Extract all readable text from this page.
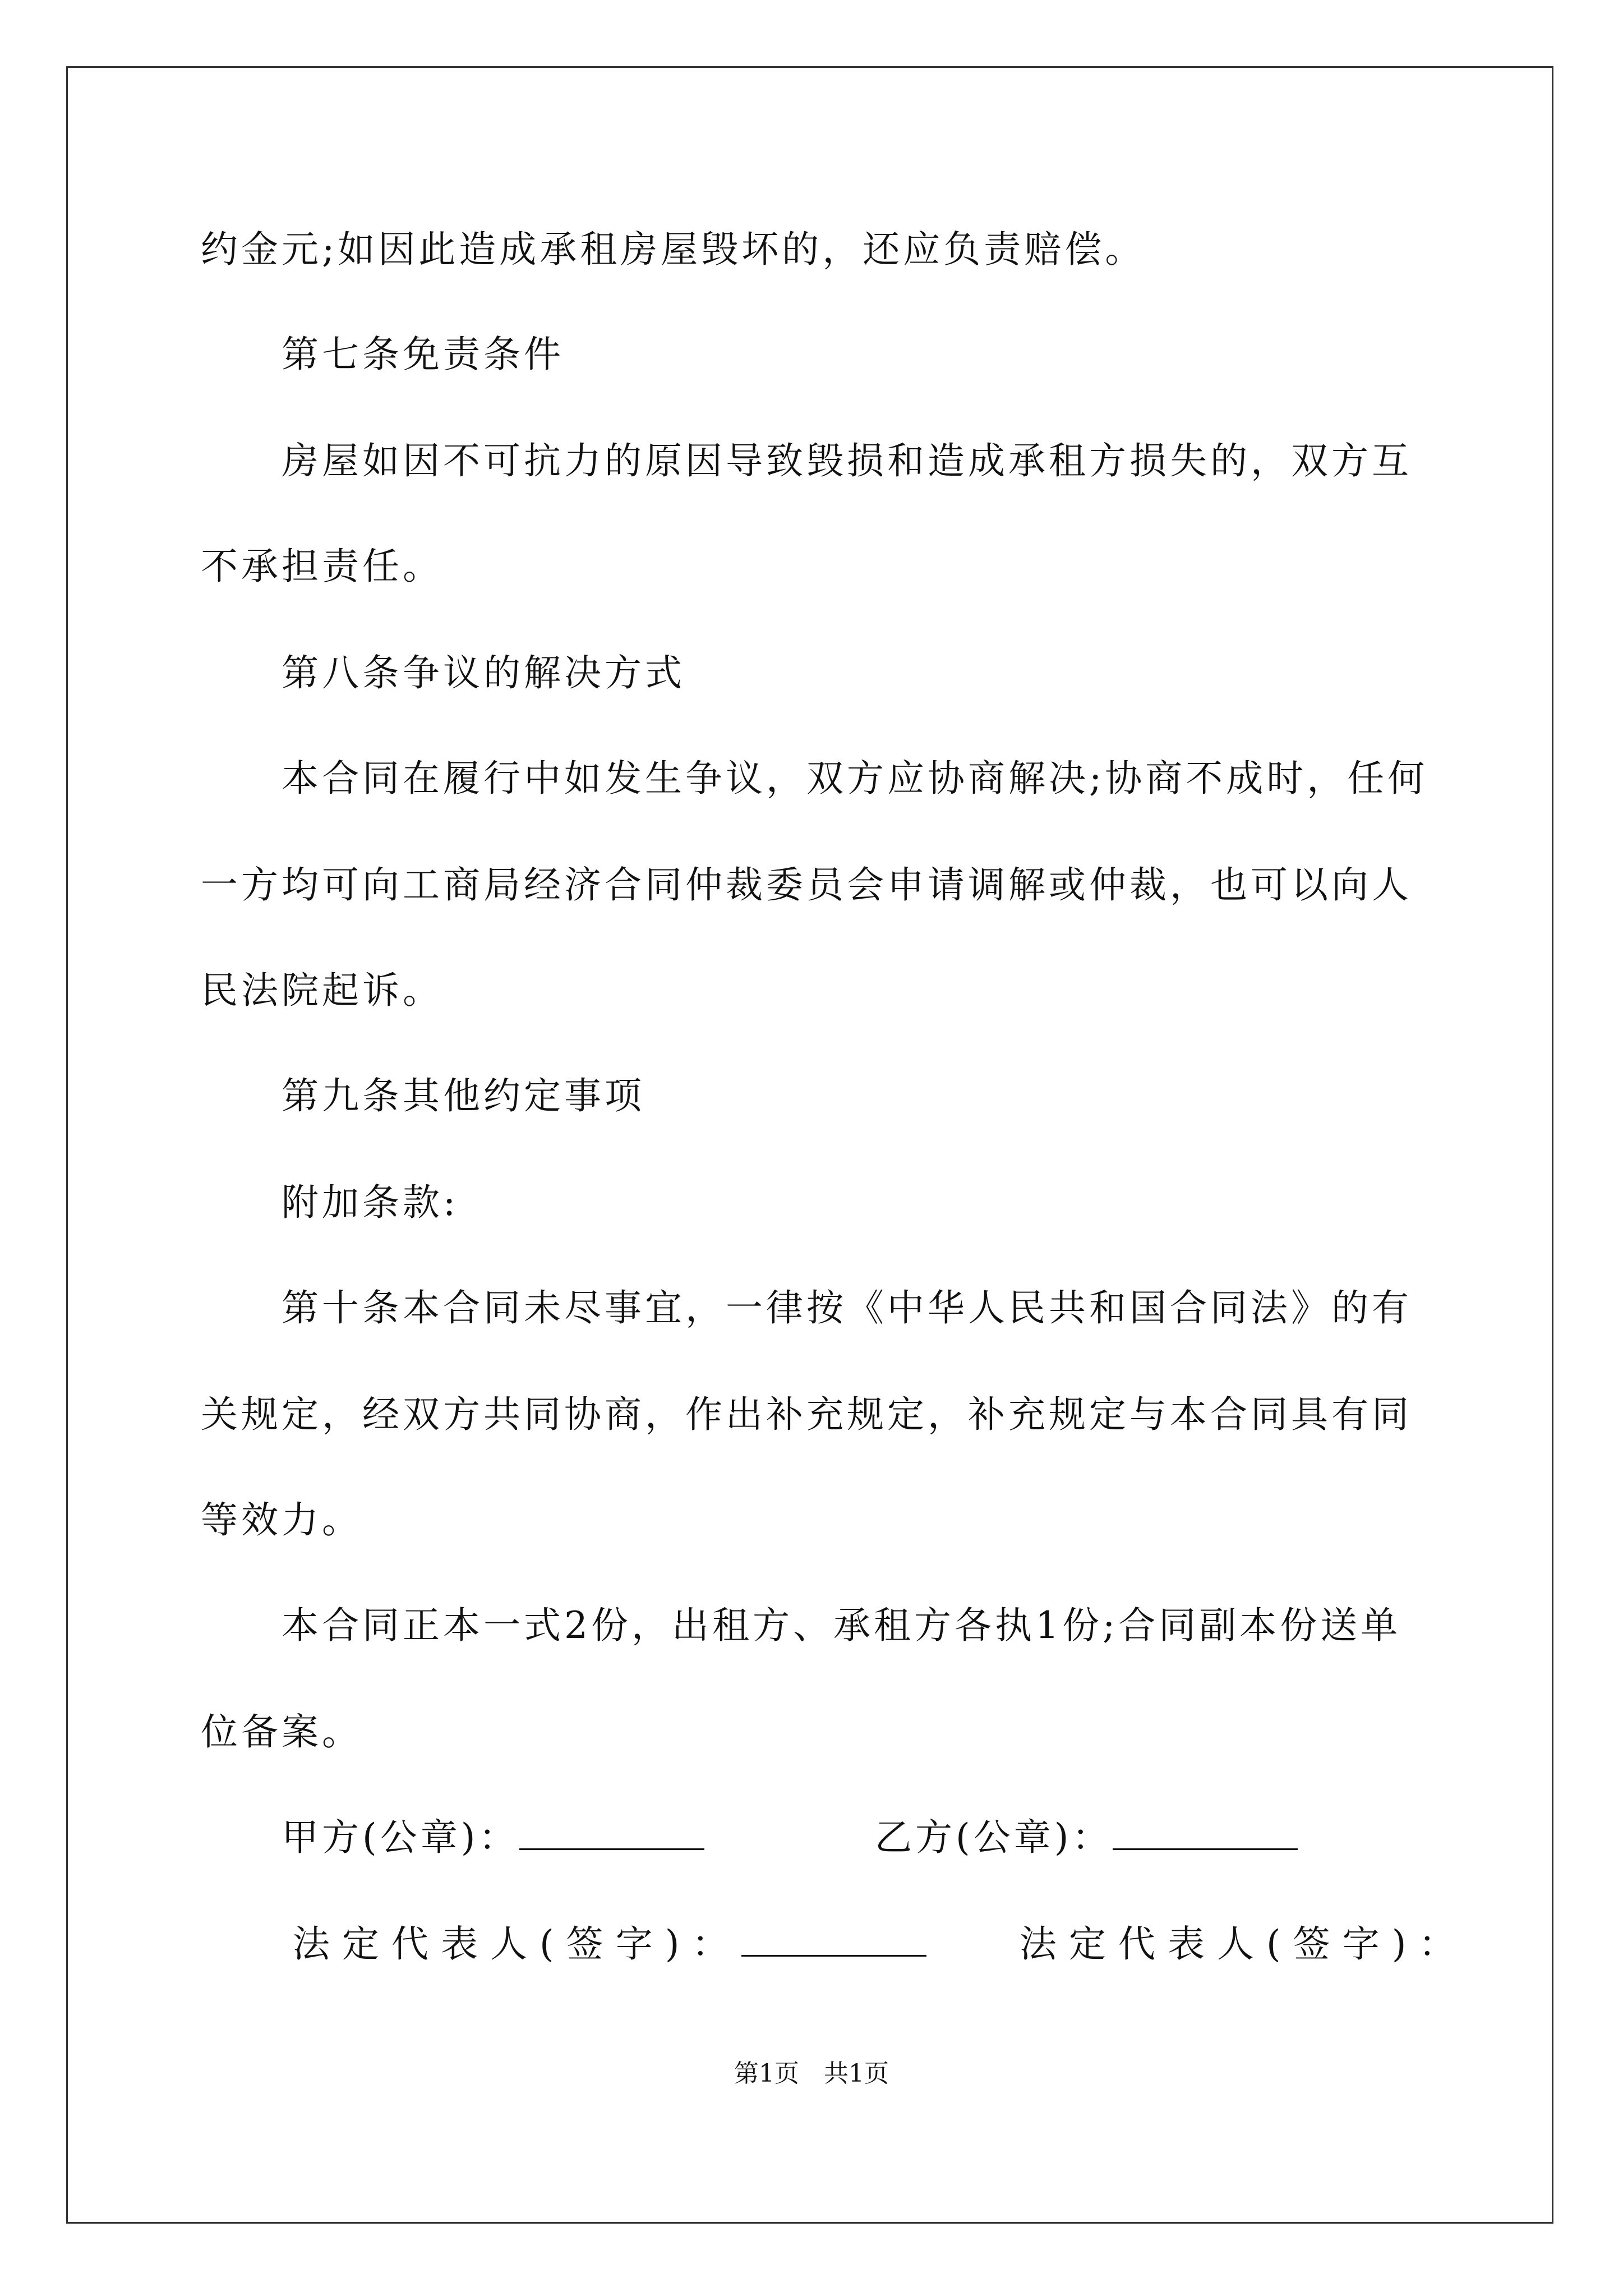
约金元;如因此造成承租房屋毁坏的，还应负责赔偿。
第七条免责条件
房屋如因不可抗力的原因导致毁损和造成承租方损失的，双方互
不承担责任。
第八条争议的解决方式
本合同在履行中如发生争议，双方应协商解决;协商不成时，任何
一方均可向工商局经济合同仲裁委员会申请调解或仲裁，也可以向人
民法院起诉。
第九条其他约定事项
附加条款:
第十条本合同未尽事宜，一律按《中华人民共和国合同法》的有
关规定，经双方共同协商，作出补充规定，补充规定与本合同具有同
等效力。
本合同正本一式2份，出租方、承租方各执1份;合同副本份送单
位备案。
甲方(公章)：	乙方(公章)：
法定代表人(签字)：	法定代表人(签字)：
第1页　共1页
